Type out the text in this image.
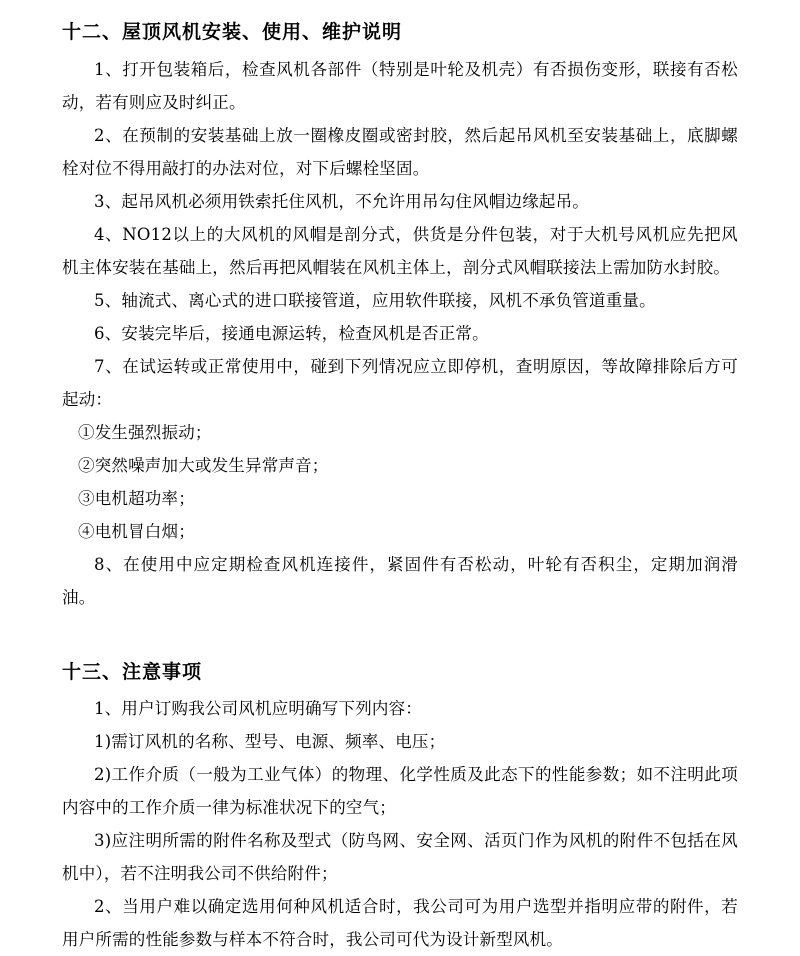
十二、屋顶风机安装、使用、维护说明

1、打开包装箱后，检查风机各部件（特别是叶轮及机壳）有否损伤变形，联接有否松动，若有则应及时纠正。

2、在预制的安装基础上放一圈橡皮圈或密封胶，然后起吊风机至安装基础上，底脚螺栓对位不得用敲打的办法对位，对下后螺栓坚固。

3、起吊风机必须用铁索托住风机，不允许用吊勾住风帽边缘起吊。

4、NO12以上的大风机的风帽是剖分式，供货是分件包装，对于大机号风机应先把风机主体安装在基础上，然后再把风帽装在风机主体上，剖分式风帽联接法上需加防水封胶。

5、轴流式、离心式的进口联接管道，应用软件联接，风机不承负管道重量。

6、安装完毕后，接通电源运转，检查风机是否正常。

7、在试运转或正常使用中，碰到下列情况应立即停机，查明原因，等故障排除后方可起动：

①发生强烈振动；

②突然噪声加大或发生异常声音；

③电机超功率；

④电机冒白烟；

8、在使用中应定期检查风机连接件，紧固件有否松动，叶轮有否积尘，定期加润滑油。

十三、注意事项

1、用户订购我公司风机应明确写下列内容：

1)需订风机的名称、型号、电源、频率、电压；

2)工作介质（一般为工业气体）的物理、化学性质及此态下的性能参数；如不注明此项内容中的工作介质一律为标准状况下的空气；

3)应注明所需的附件名称及型式（防鸟网、安全网、活页门作为风机的附件不包括在风机中），若不注明我公司不供给附件；

2、当用户难以确定选用何种风机适合时，我公司可为用户选型并指明应带的附件，若用户所需的性能参数与样本不符合时，我公司可代为设计新型风机。
